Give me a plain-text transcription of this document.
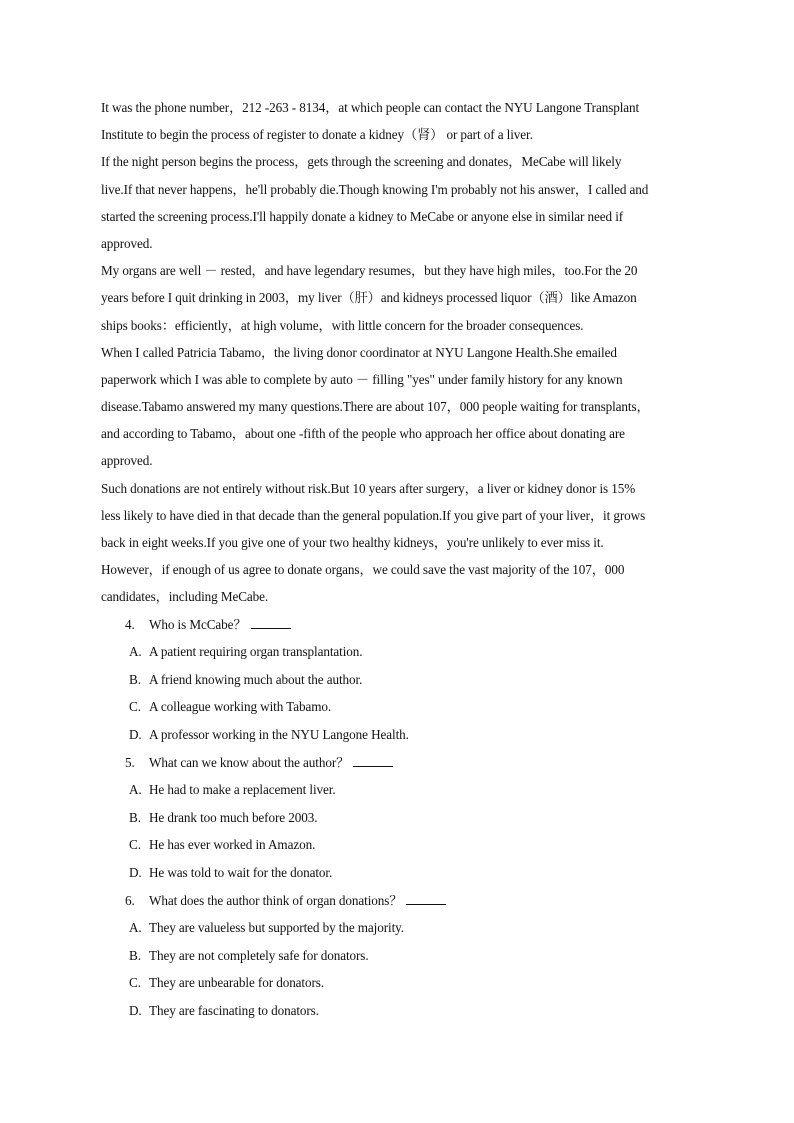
It was the phone number，212 -263 - 8134，at which people can contact the NYU Langone Transplant
Institute to begin the process of register to donate a kidney（肾） or part of a liver.
If the night person begins the process，gets through the screening and donates，MeCabe will likely
live.If that never happens，he'll probably die.Though knowing I'm probably not his answer，I called and
started the screening process.I'll happily donate a kidney to MeCabe or anyone else in similar need if
approved.
My organs are well － rested，and have legendary resumes，but they have high miles，too.For the 20
years before I quit drinking in 2003，my liver（肝）and kidneys processed liquor（酒）like Amazon
ships books：efficiently，at high volume，with little concern for the broader consequences.
When I called Patricia Tabamo，the living donor coordinator at NYU Langone Health.She emailed
paperwork which I was able to complete by auto － filling "yes" under family history for any known
disease.Tabamo answered my many questions.There are about 107，000 people waiting for transplants，
and according to Tabamo，about one -fifth of the people who approach her office about donating are
approved.
Such donations are not entirely without risk.But 10 years after surgery，a liver or kidney donor is 15%
less likely to have died in that decade than the general population.If you give part of your liver，it grows
back in eight weeks.If you give one of your two healthy kidneys，you're unlikely to ever miss it.
However，if enough of us agree to donate organs，we could save the vast majority of the 107，000
candidates，including MeCabe.
4. Who is McCabe？
A. A patient requiring organ transplantation.
B. A friend knowing much about the author.
C. A colleague working with Tabamo.
D. A professor working in the NYU Langone Health.
5. What can we know about the author？
A. He had to make a replacement liver.
B. He drank too much before 2003.
C. He has ever worked in Amazon.
D. He was told to wait for the donator.
6. What does the author think of organ donations？
A. They are valueless but supported by the majority.
B. They are not completely safe for donators.
C. They are unbearable for donators.
D. They are fascinating to donators.
